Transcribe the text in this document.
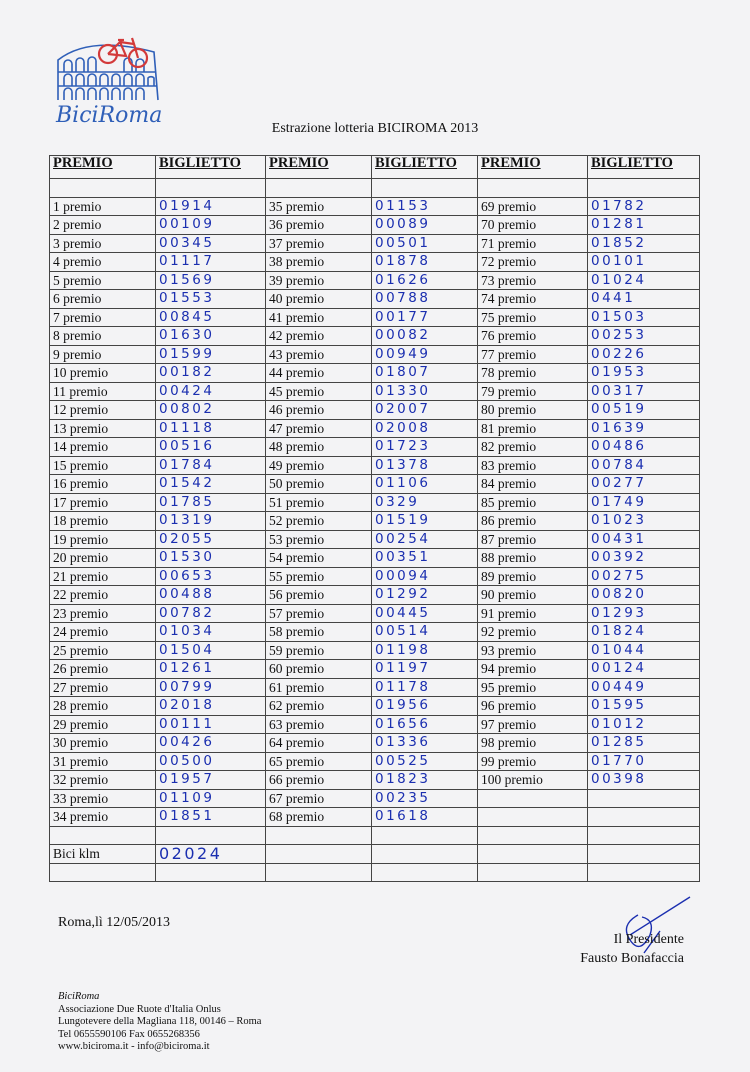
BiciRoma
Estrazione lotteria BICIROMA 2013
PREMIO	BIGLIETTO	PREMIO	BIGLIETTO	PREMIO	BIGLIETTO

1 premio	01914	35 premio	01153	69 premio	01782
2 premio	00109	36 premio	00089	70 premio	01281
3 premio	00345	37 premio	00501	71 premio	01852
4 premio	01117	38 premio	01878	72 premio	00101
5 premio	01569	39 premio	01626	73 premio	01024
6 premio	01553	40 premio	00788	74 premio	0441
7 premio	00845	41 premio	00177	75 premio	01503
8 premio	01630	42 premio	00082	76 premio	00253
9 premio	01599	43 premio	00949	77 premio	00226
10 premio	00182	44 premio	01807	78 premio	01953
11 premio	00424	45 premio	01330	79 premio	00317
12 premio	00802	46 premio	02007	80 premio	00519
13 premio	01118	47 premio	02008	81 premio	01639
14 premio	00516	48 premio	01723	82 premio	00486
15 premio	01784	49 premio	01378	83 premio	00784
16 premio	01542	50 premio	01106	84 premio	00277
17 premio	01785	51 premio	0329	85 premio	01749
18 premio	01319	52 premio	01519	86 premio	01023
19 premio	02055	53 premio	00254	87 premio	00431
20 premio	01530	54 premio	00351	88 premio	00392
21 premio	00653	55 premio	00094	89 premio	00275
22 premio	00488	56 premio	01292	90 premio	00820
23 premio	00782	57 premio	00445	91 premio	01293
24 premio	01034	58 premio	00514	92 premio	01824
25 premio	01504	59 premio	01198	93 premio	01044
26 premio	01261	60 premio	01197	94 premio	00124
27 premio	00799	61 premio	01178	95 premio	00449
28 premio	02018	62 premio	01956	96 premio	01595
29 premio	00111	63 premio	01656	97 premio	01012
30 premio	00426	64 premio	01336	98 premio	01285
31 premio	00500	65 premio	00525	99 premio	01770
32 premio	01957	66 premio	01823	100 premio	00398
33 premio	01109	67 premio	00235		
34 premio	01851	68 premio	01618		

Bici klm	02024				

Roma,lì 12/05/2013
Il Presidente
Fausto Bonafaccia
BiciRoma
Associazione Due Ruote d'Italia Onlus
Lungotevere della Magliana 118, 00146 – Roma
Tel 0655590106 Fax 0655268356
www.biciroma.it - info@biciroma.it
